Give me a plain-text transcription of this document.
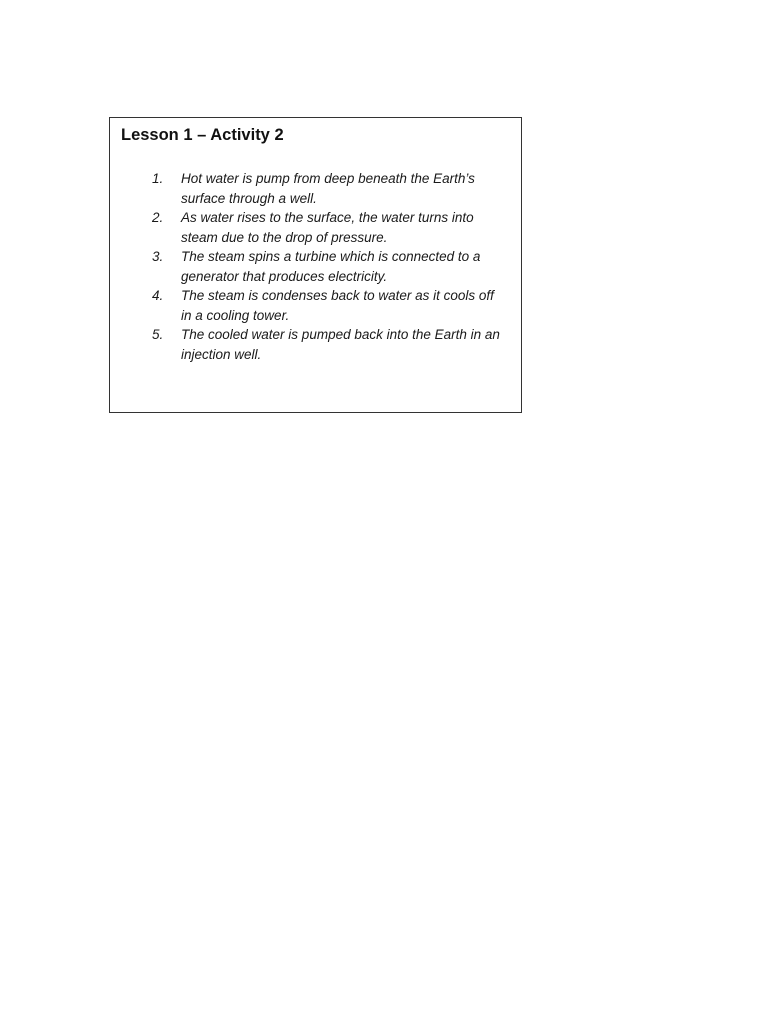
Lesson 1 – Activity 2
1. Hot water is pump from deep beneath the Earth’s surface through a well.
2. As water rises to the surface, the water turns into steam due to the drop of pressure.
3. The steam spins a turbine which is connected to a generator that produces electricity.
4. The steam is condenses back to water as it cools off in a cooling tower.
5. The cooled water is pumped back into the Earth in an injection well.
